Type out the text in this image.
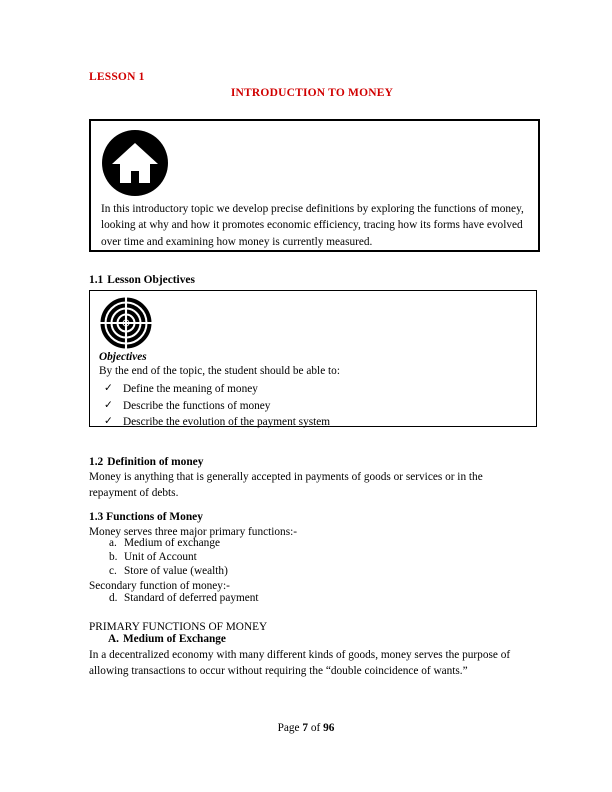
LESSON 1
INTRODUCTION TO MONEY
In this introductory topic we develop precise definitions by exploring the functions of money, looking at why and how it promotes economic efficiency, tracing how its forms have evolved over time and examining how money is currently measured.
1.1 Lesson Objectives
Objectives
By the end of the topic, the student should be able to:
✓ Define the meaning of money
✓ Describe the functions of money
✓ Describe the evolution of the payment system
1.2 Definition of money
Money is anything that is generally accepted in payments of goods or services or in the repayment of debts.
1.3 Functions of Money
Money serves three major primary functions:-
a. Medium of exchange
b. Unit of Account
c. Store of value (wealth)
Secondary function of money:-
d. Standard of deferred payment
PRIMARY FUNCTIONS OF MONEY
A. Medium of Exchange
In a decentralized economy with many different kinds of goods, money serves the purpose of allowing transactions to occur without requiring the “double coincidence of wants.”
Page 7 of 96
